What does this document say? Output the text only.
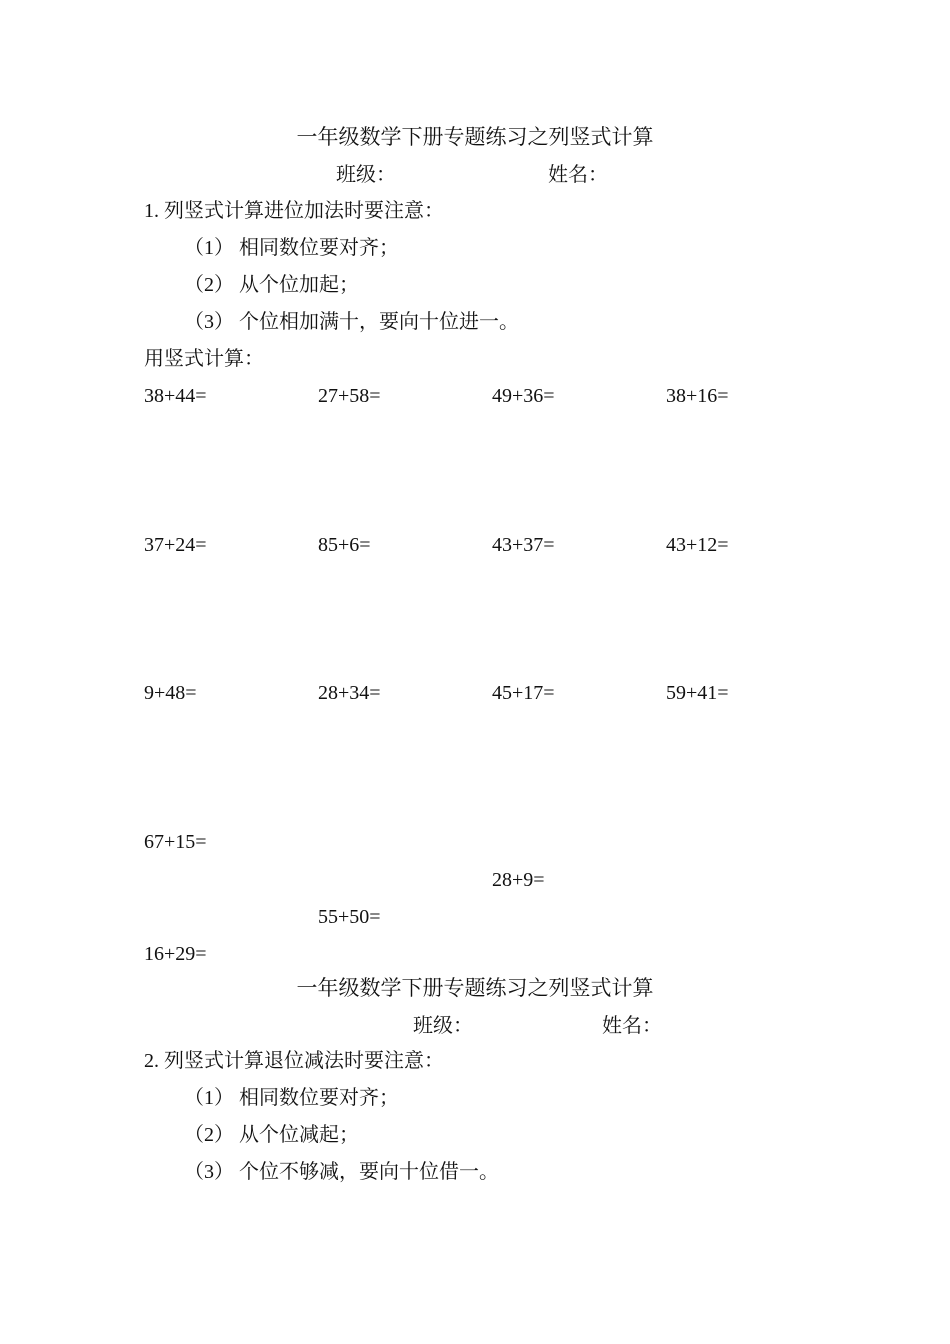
一年级数学下册专题练习之列竖式计算
班级：	姓名：
1. 列竖式计算进位加法时要注意：
（1） 相同数位要对齐；
（2） 从个位加起；
（3） 个位相加满十，要向十位进一。
用竖式计算：
38+44=	27+58=	49+36=	38+16=
37+24=	85+6=	43+37=	43+12=
9+48=	28+34=	45+17=	59+41=
67+15=
28+9=
55+50=
16+29=
一年级数学下册专题练习之列竖式计算
班级：	姓名：
2. 列竖式计算退位减法时要注意：
（1） 相同数位要对齐；
（2） 从个位减起；
（3） 个位不够减，要向十位借一。
